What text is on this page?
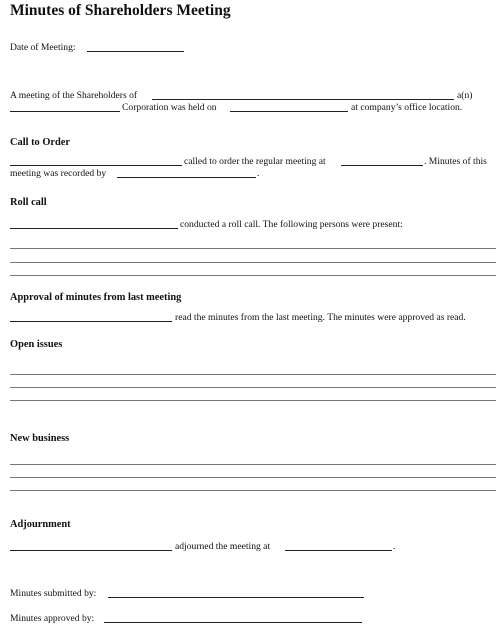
Minutes of Shareholders Meeting
Date of Meeting:
A meeting of the Shareholders of	a(n)
Corporation was held on	at company’s office location.
Call to Order
called to order the regular meeting at	. Minutes of this
meeting was recorded by	.
Roll call
conducted a roll call. The following persons were present:
Approval of minutes from last meeting
read the minutes from the last meeting. The minutes were approved as read.
Open issues
New business
Adjournment
adjourned the meeting at	.
Minutes submitted by:
Minutes approved by:
